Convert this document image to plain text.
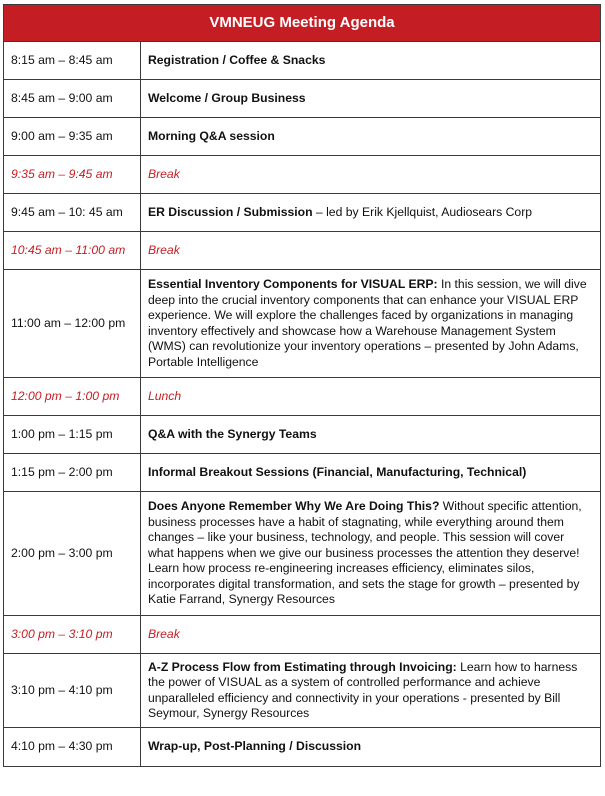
VMNEUG Meeting Agenda	
8:15 am – 8:45 am	Registration / Coffee & Snacks
8:45 am – 9:00 am	Welcome / Group Business
9:00 am – 9:35 am	Morning Q&A session
9:35 am – 9:45 am	Break
9:45 am – 10: 45 am	ER Discussion / Submission – led by Erik Kjellquist, Audiosears Corp
10:45 am – 11:00 am	Break
11:00 am – 12:00 pm	Essential Inventory Components for VISUAL ERP: In this session, we will dive deep into the crucial inventory components that can enhance your VISUAL ERP experience. We will explore the challenges faced by organizations in managing inventory effectively and showcase how a Warehouse Management System (WMS) can revolutionize your inventory operations – presented by John Adams, Portable Intelligence
12:00 pm – 1:00 pm	Lunch
1:00 pm – 1:15 pm	Q&A with the Synergy Teams
1:15 pm – 2:00 pm	Informal Breakout Sessions (Financial, Manufacturing, Technical)
2:00 pm – 3:00 pm	Does Anyone Remember Why We Are Doing This? Without specific attention, business processes have a habit of stagnating, while everything around them changes – like your business, technology, and people. This session will cover what happens when we give our business processes the attention they deserve! Learn how process re-engineering increases efficiency, eliminates silos, incorporates digital transformation, and sets the stage for growth – presented by Katie Farrand, Synergy Resources
3:00 pm – 3:10 pm	Break
3:10 pm – 4:10 pm	A-Z Process Flow from Estimating through Invoicing: Learn how to harness the power of VISUAL as a system of controlled performance and achieve unparalleled efficiency and connectivity in your operations - presented by Bill Seymour, Synergy Resources
4:10 pm – 4:30 pm	Wrap-up, Post-Planning / Discussion
